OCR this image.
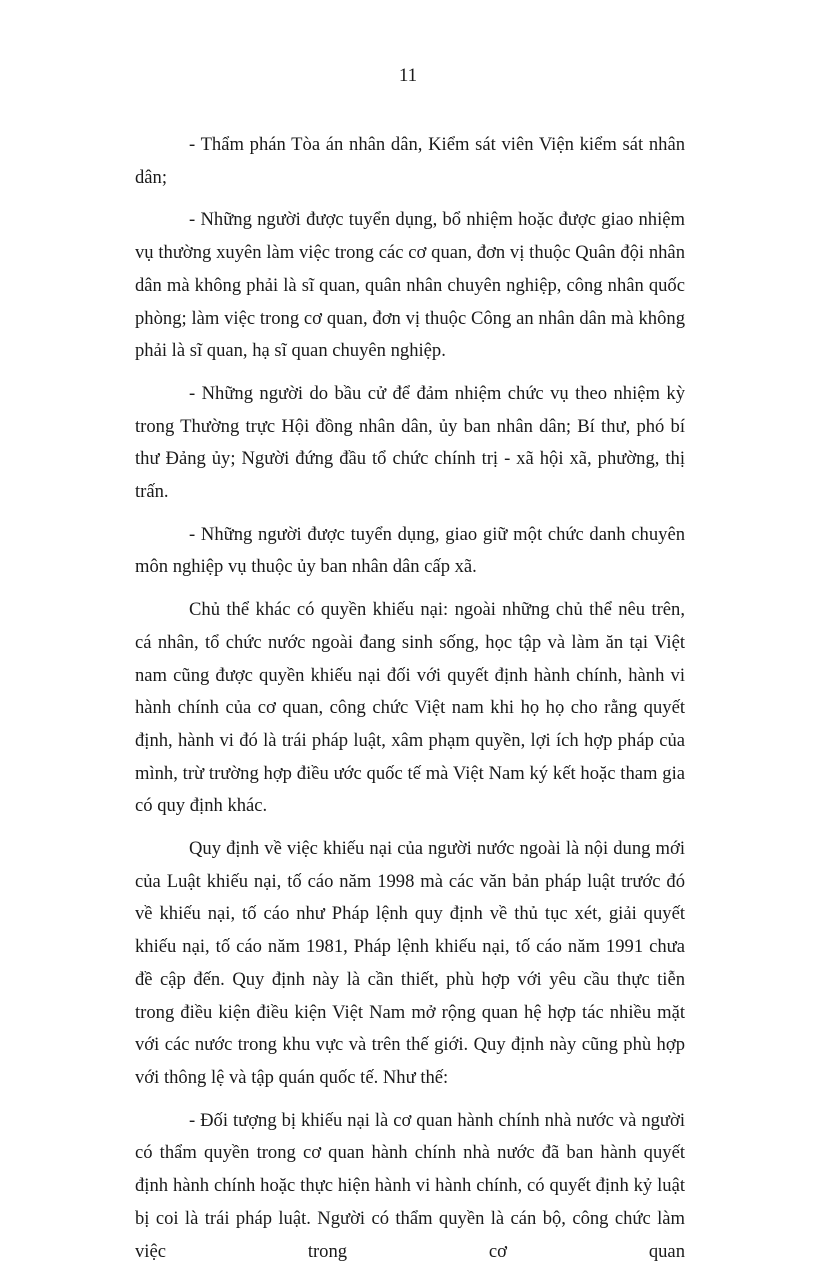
11

- Thẩm phán Tòa án nhân dân, Kiểm sát viên Viện kiểm sát nhân dân;

- Những người được tuyển dụng, bổ nhiệm hoặc được giao nhiệm vụ thường xuyên làm việc trong các cơ quan, đơn vị thuộc Quân đội nhân dân mà không phải là sĩ quan, quân nhân chuyên nghiệp, công nhân quốc phòng; làm việc trong cơ quan, đơn vị thuộc Công an nhân dân mà không phải là sĩ quan, hạ sĩ quan chuyên nghiệp.

- Những người do bầu cử để đảm nhiệm chức vụ theo nhiệm kỳ trong Thường trực Hội đồng nhân dân, ủy ban nhân dân; Bí thư, phó bí thư Đảng ủy; Người đứng đầu tổ chức chính trị - xã hội xã, phường, thị trấn.

- Những người được tuyển dụng, giao giữ một chức danh chuyên môn nghiệp vụ thuộc ủy ban nhân dân cấp xã.

Chủ thể khác có quyền khiếu nại: ngoài những chủ thể nêu trên, cá nhân, tổ chức nước ngoài đang sinh sống, học tập và làm ăn tại Việt nam cũng được quyền khiếu nại đối với quyết định hành chính, hành vi hành chính của cơ quan, công chức Việt nam khi họ họ cho rằng quyết định, hành vi đó là trái pháp luật, xâm phạm quyền, lợi ích hợp pháp của mình, trừ trường hợp điều ước quốc tế mà Việt Nam ký kết hoặc tham gia có quy định khác.

Quy định về việc khiếu nại của người nước ngoài là nội dung mới của Luật khiếu nại, tố cáo năm 1998 mà các văn bản pháp luật trước đó về khiếu nại, tố cáo như Pháp lệnh quy định về thủ tục xét, giải quyết khiếu nại, tố cáo năm 1981, Pháp lệnh khiếu nại, tố cáo năm 1991 chưa đề cập đến. Quy định này là cần thiết, phù hợp với yêu cầu thực tiễn trong điều kiện điều kiện Việt Nam mở rộng quan hệ hợp tác nhiều mặt với các nước trong khu vực và trên thế giới. Quy định này cũng phù hợp với thông lệ và tập quán quốc tế. Như thế:

- Đối tượng bị khiếu nại là cơ quan hành chính nhà nước và người có thẩm quyền trong cơ quan hành chính nhà nước đã ban hành quyết định hành chính hoặc thực hiện hành vi hành chính, có quyết định kỷ luật bị coi là trái pháp luật. Người có thẩm quyền là cán bộ, công chức làm việc trong cơ quan
